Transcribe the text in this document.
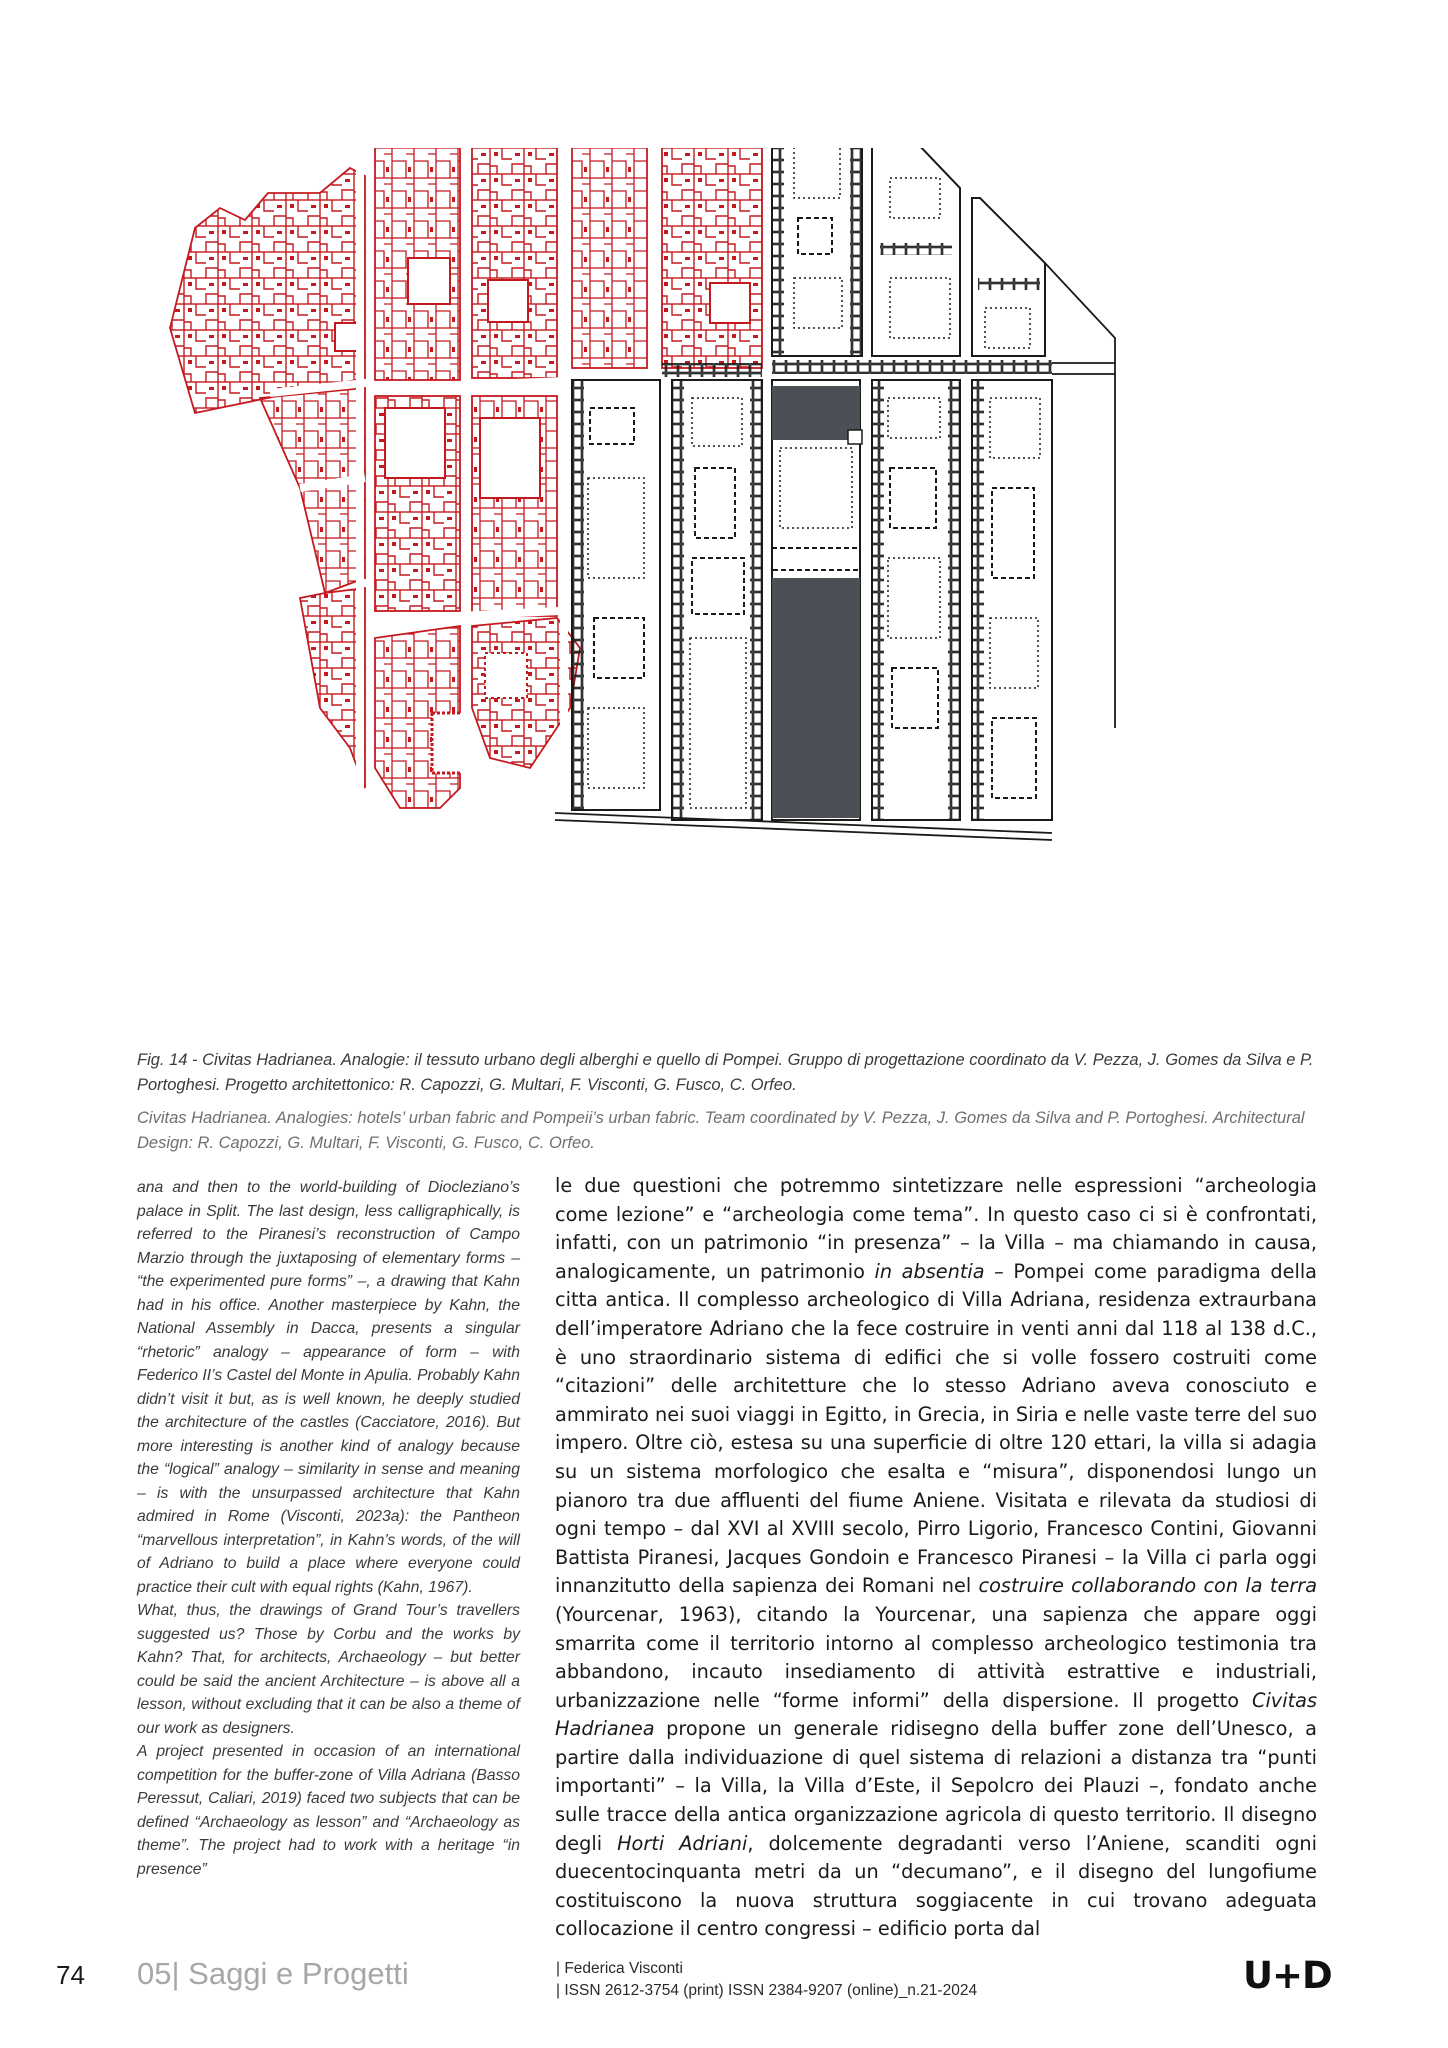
Fig. 14 - Civitas Hadrianea. Analogie: il tessuto urbano degli alberghi e quello di Pompei. Gruppo di progettazione coordinato da V. Pezza, J. Gomes da Silva e P. Portoghesi. Progetto architettonico: R. Capozzi, G. Multari, F. Visconti, G. Fusco, C. Orfeo.

Civitas Hadrianea. Analogies: hotels’ urban fabric and Pompeii’s urban fabric. Team coordinated by V. Pezza, J. Gomes da Silva and P. Portoghesi. Architectural Design: R. Capozzi, G. Multari, F. Visconti, G. Fusco, C. Orfeo.

ana and then to the world-building of Diocleziano’s palace in Split. The last design, less calligraphically, is referred to the Piranesi’s reconstruction of Campo Marzio through the juxtaposing of elementary forms – “the experimented pure forms” –, a drawing that Kahn had in his office. Another masterpiece by Kahn, the National Assembly in Dacca, presents a singular “rhetoric” analogy – appearance of form – with Federico II’s Castel del Monte in Apulia. Probably Kahn didn’t visit it but, as is well known, he deeply studied the architecture of the castles (Cacciatore, 2016). But more interesting is another kind of analogy because the “logical” analogy – similarity in sense and meaning – is with the unsurpassed architecture that Kahn admired in Rome (Visconti, 2023a): the Pantheon “marvellous interpretation”, in Kahn’s words, of the will of Adriano to build a place where everyone could practice their cult with equal rights (Kahn, 1967).

What, thus, the drawings of Grand Tour’s travellers suggested us? Those by Corbu and the works by Kahn? That, for architects, Archaeology – but better could be said the ancient Architecture – is above all a lesson, without excluding that it can be also a theme of our work as designers.

A project presented in occasion of an international competition for the buffer-zone of Villa Adriana (Basso Peressut, Caliari, 2019) faced two subjects that can be defined “Archaeology as lesson” and “Archaeology as theme”. The project had to work with a heritage “in presence”

le due questioni che potremmo sintetizzare nelle espressioni “archeologia come lezione” e “archeologia come tema”. In questo caso ci si è confrontati, infatti, con un patrimonio “in presenza” – la Villa – ma chiamando in causa, analogicamente, un patrimonio in absentia – Pompei come paradigma della citta antica. Il complesso archeologico di Villa Adriana, residenza extraurbana dell’imperatore Adriano che la fece costruire in venti anni dal 118 al 138 d.C., è uno straordinario sistema di edifici che si volle fossero costruiti come “citazioni” delle architetture che lo stesso Adriano aveva conosciuto e ammirato nei suoi viaggi in Egitto, in Grecia, in Siria e nelle vaste terre del suo impero. Oltre ciò, estesa su una superficie di oltre 120 ettari, la villa si adagia su un sistema morfologico che esalta e “misura”, disponendosi lungo un pianoro tra due affluenti del fiume Aniene. Visitata e rilevata da studiosi di ogni tempo – dal XVI al XVIII secolo, Pirro Ligorio, Francesco Contini, Giovanni Battista Piranesi, Jacques Gondoin e Francesco Piranesi – la Villa ci parla oggi innanzitutto della sapienza dei Romani nel costruire collaborando con la terra (Yourcenar, 1963), citando la Yourcenar, una sapienza che appare oggi smarrita come il territorio intorno al complesso archeologico testimonia tra abbandono, incauto insediamento di attività estrattive e industriali, urbanizzazione nelle “forme informi” della dispersione. Il progetto Civitas Hadrianea propone un generale ridisegno della buffer zone dell’Unesco, a partire dalla individuazione di quel sistema di relazioni a distanza tra “punti importanti” – la Villa, la Villa d’Este, il Sepolcro dei Plauzi –, fondato anche sulle tracce della antica organizzazione agricola di questo territorio. Il disegno degli Horti Adriani, dolcemente degradanti verso l’Aniene, scanditi ogni duecentocinquanta metri da un “decumano”, e il disegno del lungofiume costituiscono la nuova struttura soggiacente in cui trovano adeguata collocazione il centro congressi – edificio porta dal

74 05| Saggi e Progetti	| Federica Visconti
| ISSN 2612-3754 (print) ISSN 2384-9207 (online)_n.21-2024	U+D
